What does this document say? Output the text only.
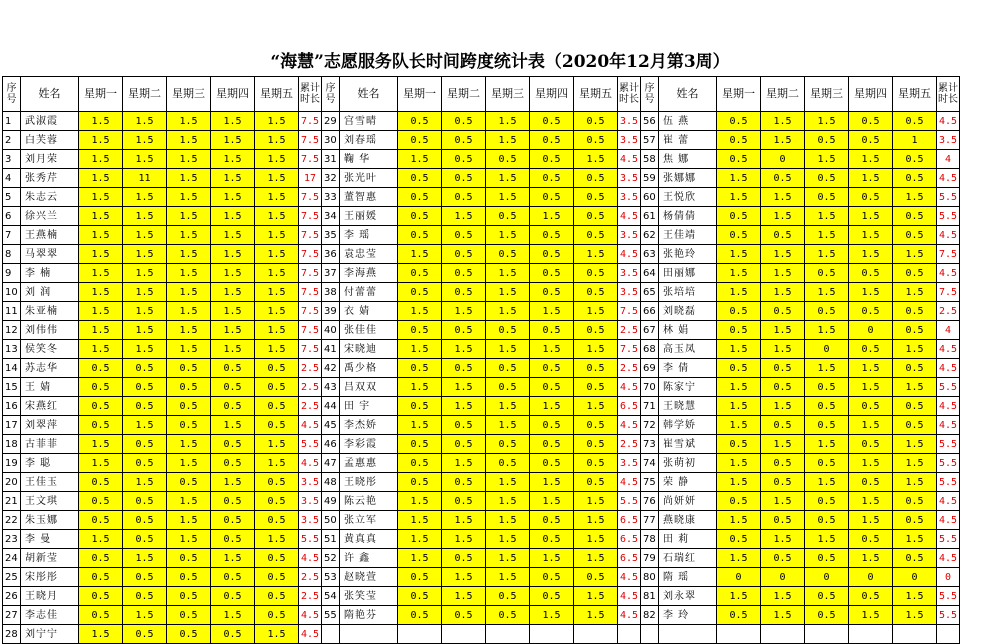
“海慧”志愿服务队长时间跨度统计表（2020年12月第3周）
序号	姓名	星期一	星期二	星期三	星期四	星期五	累计时长	序号	姓名	星期一	星期二	星期三	星期四	星期五	累计时长	序号	姓名	星期一	星期二	星期三	星期四	星期五	累计时长
1	武淑霞	1.5	1.5	1.5	1.5	1.5	7.5	29	宫雪晴	0.5	0.5	1.5	0.5	0.5	3.5	56	伍 燕	0.5	1.5	1.5	0.5	0.5	4.5
2	白芙蓉	1.5	1.5	1.5	1.5	1.5	7.5	30	刘春瑶	0.5	0.5	1.5	0.5	0.5	3.5	57	崔 蕾	0.5	1.5	0.5	0.5	1	3.5
3	刘月荣	1.5	1.5	1.5	1.5	1.5	7.5	31	鞠 华	1.5	0.5	0.5	0.5	1.5	4.5	58	焦 娜	0.5	0	1.5	1.5	0.5	4
4	张秀芹	1.5	11	1.5	1.5	1.5	17	32	张光叶	0.5	0.5	1.5	0.5	0.5	3.5	59	张娜娜	1.5	0.5	0.5	1.5	0.5	4.5
5	朱志云	1.5	1.5	1.5	1.5	1.5	7.5	33	董智惠	0.5	0.5	1.5	0.5	0.5	3.5	60	王悦欣	1.5	1.5	0.5	0.5	1.5	5.5
6	徐兴兰	1.5	1.5	1.5	1.5	1.5	7.5	34	王丽媛	0.5	1.5	0.5	1.5	0.5	4.5	61	杨倩倩	0.5	1.5	1.5	1.5	0.5	5.5
7	王燕楠	1.5	1.5	1.5	1.5	1.5	7.5	35	李 瑶	0.5	0.5	1.5	0.5	0.5	3.5	62	王佳靖	0.5	0.5	1.5	1.5	0.5	4.5
8	马翠翠	1.5	1.5	1.5	1.5	1.5	7.5	36	袁忠莹	1.5	0.5	0.5	0.5	1.5	4.5	63	张艳玲	1.5	1.5	1.5	1.5	1.5	7.5
9	李 楠	1.5	1.5	1.5	1.5	1.5	7.5	37	李海燕	0.5	0.5	1.5	0.5	0.5	3.5	64	田丽娜	1.5	1.5	0.5	0.5	0.5	4.5
10	刘 润	1.5	1.5	1.5	1.5	1.5	7.5	38	付蕾蕾	0.5	0.5	1.5	0.5	0.5	3.5	65	张培培	1.5	1.5	1.5	1.5	1.5	7.5
11	朱亚楠	1.5	1.5	1.5	1.5	1.5	7.5	39	衣 婧	1.5	1.5	1.5	1.5	1.5	7.5	66	刘晓磊	0.5	0.5	0.5	0.5	0.5	2.5
12	刘伟伟	1.5	1.5	1.5	1.5	1.5	7.5	40	张佳佳	0.5	0.5	0.5	0.5	0.5	2.5	67	林 娟	0.5	1.5	1.5	0	0.5	4
13	侯笑冬	1.5	1.5	1.5	1.5	1.5	7.5	41	宋晓迪	1.5	1.5	1.5	1.5	1.5	7.5	68	高玉凤	1.5	1.5	0	0.5	1.5	4.5
14	苏志华	0.5	0.5	0.5	0.5	0.5	2.5	42	禹少格	0.5	0.5	0.5	0.5	0.5	2.5	69	李 倩	0.5	0.5	1.5	1.5	0.5	4.5
15	王 婧	0.5	0.5	0.5	0.5	0.5	2.5	43	吕双双	1.5	1.5	0.5	0.5	0.5	4.5	70	陈家宁	1.5	0.5	0.5	1.5	1.5	5.5
16	宋燕红	0.5	0.5	0.5	0.5	0.5	2.5	44	田 宇	0.5	1.5	1.5	1.5	1.5	6.5	71	王晓慧	1.5	1.5	0.5	0.5	0.5	4.5
17	刘翠萍	0.5	1.5	0.5	1.5	0.5	4.5	45	李杰娇	1.5	0.5	1.5	0.5	0.5	4.5	72	韩学娇	1.5	0.5	0.5	1.5	0.5	4.5
18	古菲菲	1.5	0.5	1.5	0.5	1.5	5.5	46	李彩霞	0.5	0.5	0.5	0.5	0.5	2.5	73	崔雪斌	0.5	1.5	1.5	0.5	1.5	5.5
19	李 聪	1.5	0.5	1.5	0.5	1.5	4.5	47	孟惠惠	0.5	1.5	0.5	0.5	0.5	3.5	74	张萌初	1.5	0.5	0.5	1.5	1.5	5.5
20	王佳玉	0.5	1.5	0.5	1.5	0.5	3.5	48	王晓彤	0.5	0.5	1.5	1.5	0.5	4.5	75	荣 静	1.5	0.5	1.5	0.5	1.5	5.5
21	王文琪	0.5	0.5	1.5	0.5	0.5	3.5	49	陈云艳	1.5	0.5	1.5	1.5	1.5	5.5	76	尚妍妍	0.5	1.5	0.5	1.5	0.5	4.5
22	朱玉娜	0.5	0.5	1.5	0.5	0.5	3.5	50	张立军	1.5	1.5	1.5	0.5	1.5	6.5	77	燕晓康	1.5	0.5	0.5	1.5	0.5	4.5
23	李 曼	1.5	0.5	1.5	0.5	1.5	5.5	51	黄真真	1.5	1.5	1.5	0.5	1.5	6.5	78	田 莉	0.5	1.5	1.5	0.5	1.5	5.5
24	胡新莹	0.5	1.5	0.5	1.5	0.5	4.5	52	许 鑫	1.5	0.5	1.5	1.5	1.5	6.5	79	石瑞红	1.5	0.5	0.5	1.5	0.5	4.5
25	宋彤彤	0.5	0.5	0.5	0.5	0.5	2.5	53	赵晓萱	0.5	1.5	1.5	0.5	0.5	4.5	80	隋 瑶	0	0	0	0	0	0
26	王晓月	0.5	0.5	0.5	0.5	0.5	2.5	54	张笑莹	0.5	1.5	0.5	0.5	1.5	4.5	81	刘永翠	1.5	1.5	0.5	0.5	1.5	5.5
27	李志佳	0.5	1.5	0.5	1.5	0.5	4.5	55	隋艳芬	0.5	0.5	0.5	1.5	1.5	4.5	82	李 玲	0.5	1.5	0.5	1.5	1.5	5.5
28	刘宁宁	1.5	0.5	0.5	0.5	1.5	4.5																
